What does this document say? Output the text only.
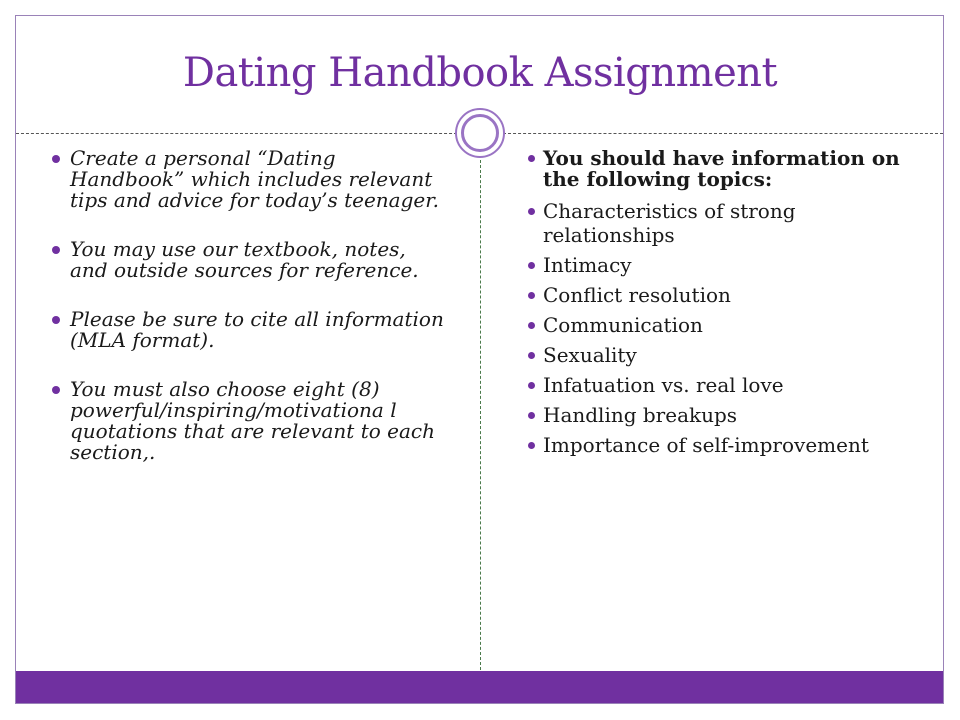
Dating Handbook Assignment
Create a personal “Dating Handbook” which includes relevant tips and advice for today’s teenager.
You may use our textbook, notes, and outside sources for reference.
Please be sure to cite all information (MLA format).
You must also choose eight (8) powerful/inspiring/motivationa l quotations that are relevant to each section,.
You should have information on the following topics:
Characteristics of strong relationships
Intimacy
Conflict resolution
Communication
Sexuality
Infatuation vs. real love
Handling breakups
Importance of self-improvement
